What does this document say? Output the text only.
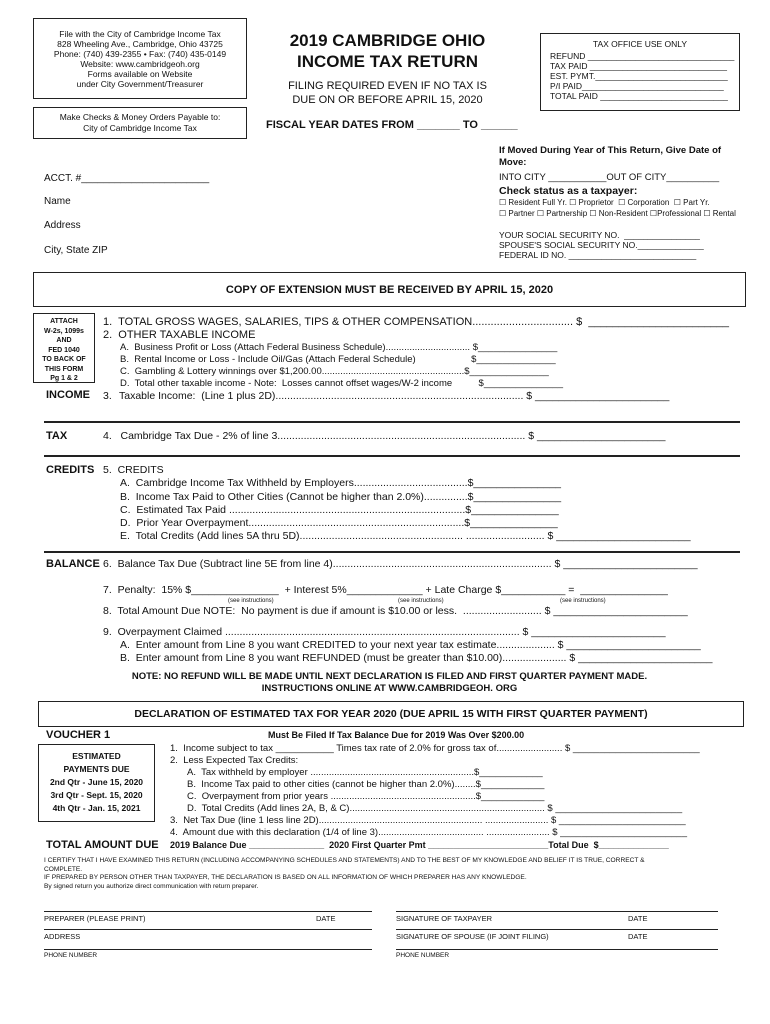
File with the City of Cambridge Income Tax
828 Wheeling Ave., Cambridge, Ohio 43725
Phone: (740) 439-2355 • Fax: (740) 435-0149
Website: www.cambridgeoh.org
Forms available on Website
under City Government/Treasurer
Make Checks & Money Orders Payable to:
City of Cambridge Income Tax
2019 CAMBRIDGE OHIO
INCOME TAX RETURN
FILING REQUIRED EVEN IF NO TAX IS
DUE ON OR BEFORE APRIL 15, 2020
FISCAL YEAR DATES FROM _______ TO ______
TAX OFFICE USE ONLY
REFUND _______________________________
TAX PAID _____________________________
EST. PYMT.____________________________
P/I PAID______________________________
TOTAL PAID ___________________________
ACCT. #_______________________
Name
Address
City, State ZIP
If Moved During Year of This Return, Give Date of
Move:
INTO CITY ___________OUT OF CITY__________
Check status as a taxpayer:
☐ Resident Full Yr. ☐ Proprietor  ☐ Corporation  ☐ Part Yr.
☐ Partner ☐ Partnership ☐ Non-Resident ☐Professional ☐ Rental
YOUR SOCIAL SECURITY NO.  ________________
SPOUSE'S SOCIAL SECURITY NO.______________
FEDERAL ID NO. ___________________________
COPY OF EXTENSION MUST BE RECEIVED BY APRIL 15, 2020
ATTACH
W-2s, 1099s
AND
FED 1040
TO BACK OF
THIS FORM
Pg 1 & 2
1.  TOTAL GROSS WAGES, SALARIES, TIPS & OTHER COMPENSATION................................. $  _______________________
2.  OTHER TAXABLE INCOME
A.  Business Profit or Loss (Attach Federal Business Schedule)................................ $_______________
B.  Rental Income or Loss - Include Oil/Gas (Attach Federal Schedule)                     $_______________
C.  Gambling & Lottery winnings over $1,200.00......................................................$_______________
D.  Total other taxable income - Note:  Losses cannot offset wages/W-2 income          $_______________
INCOME 3. Taxable Income:  (Line 1 plus 2D)..................................................................................... $ _______________________
TAX	4.   Cambridge Tax Due - 2% of line 3..................................................................................... $ ______________________
CREDITS 5.  CREDITS
A.  Cambridge Income Tax Withheld by Employers.......................................$_______________
B.  Income Tax Paid to Other Cities (Cannot be higher than 2.0%)...............$_______________
C.  Estimated Tax Paid .................................................................................$_______________
D.  Prior Year Overpayment..........................................................................$_______________
E.  Total Credits (Add lines 5A thru 5D)........................................................ ........................... $ _______________________
BALANCE 6.  Balance Tax Due (Subtract line 5E from line 4)........................................................................... $ _______________________
7.  Penalty:  15% $_______________  + Interest 5%_____________ + Late Charge $___________ =  _______________
(see instructions)	(see instructions)	(see instructions)
8.  Total Amount Due NOTE:  No payment is due if amount is $10.00 or less.  ........................... $ _______________________
9.  Overpayment Claimed ..................................................................................................... $ _______________________
A.  Enter amount from Line 8 you want CREDITED to your next year tax estimate.................... $ _______________________
B.  Enter amount from Line 8 you want REFUNDED (must be greater than $10.00)...................... $ _______________________
NOTE: NO REFUND WILL BE MADE UNTIL NEXT DECLARATION IS FILED AND FIRST QUARTER PAYMENT MADE.
INSTRUCTIONS ONLINE AT WWW.CAMBRIDGEOH. ORG
DECLARATION OF ESTIMATED TAX FOR YEAR 2020 (DUE APRIL 15 WITH FIRST QUARTER PAYMENT)
VOUCHER 1	Must Be Filed If Tax Balance Due for 2019 Was Over $200.00
ESTIMATED
PAYMENTS DUE
2nd Qtr - June 15, 2020
3rd Qtr - Sept. 15, 2020
4th Qtr - Jan. 15, 2021
1.  Income subject to tax ___________ Times tax rate of 2.0% for gross tax of......................... $ ________________________
2.  Less Expected Tax Credits:
A.  Tax withheld by employer ..............................................................$____________
B.  Income Tax paid to other cities (cannot be higher than 2.0%)........$____________
C.  Overpayment from prior years .......................................................$____________
D.  Total Credits (Add lines 2A, B, & C).......................................................................... $ ________________________
3.  Net Tax Due (line 1 less line 2D).............................................................. ........................ $ ________________________
4.  Amount due with this declaration (1/4 of line 3)........................................ ........................ $ ________________________
TOTAL AMOUNT DUE 2019 Balance Due _______________  2020 First Quarter Pmt ________________________Total Due  $______________
I CERTIFY THAT I HAVE EXAMINED THIS RETURN (INCLUDING ACCOMPANYING SCHEDULES AND STATEMENTS) AND TO THE BEST OF MY KNOWLEDGE AND BELIEF IT IS TRUE, CORRECT &
COMPLETE.
IF PREPARED BY PERSON OTHER THAN TAXPAYER, THE DECLARATION IS BASED ON ALL INFORMATION OF WHICH PREPARER HAS ANY KNOWLEDGE.
By signed return you authorize direct communication with return preparer.
PREPARER (PLEASE PRINT)	DATE	SIGNATURE OF TAXPAYER	DATE
ADDRESS	SIGNATURE OF SPOUSE (IF JOINT FILING)	DATE
PHONE NUMBER	PHONE NUMBER
